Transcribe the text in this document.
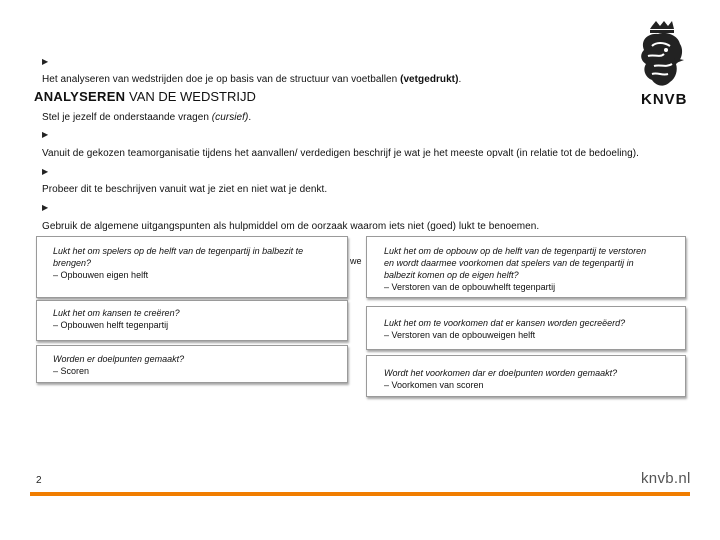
▶
▶
▶
▶
Het analyseren van wedstrijden doe je op basis van de structuur van voetballen (vetgedrukt).
ANALYSEREN VAN DE WEDSTRIJD
Stel je jezelf de onderstaande vragen (cursief).
Vanuit de gekozen teamorganisatie tijdens het aanvallen/ verdedigen beschrijf je wat je het meeste opvalt (in relatie tot de bedoeling).
Probeer dit te beschrijven vanuit wat je ziet en niet wat je denkt.
Gebruik de algemene uitgangspunten als hulpmiddel om de oorzaak waarom iets niet (goed) lukt te benoemen.
KNVB
Lukt het om spelers op de helft van de tegenpartij in balbezit te
brengen?
– Opbouwen eigen helft
Lukt het om kansen te creëren?
– Opbouwen helft tegenpartij
Worden er doelpunten gemaakt?
– Scoren
we
Lukt het om de opbouw op de helft van de tegenpartij te verstoren
en wordt daarmee voorkomen dat spelers van de tegenpartij in
balbezit komen op de eigen helft?
– Verstoren van de opbouwhelft tegenpartij
Lukt het om te voorkomen dat er kansen worden gecreëerd?
– Verstoren van de opbouweigen helft
Wordt het voorkomen dar er doelpunten worden gemaakt?
– Voorkomen van scoren
2	knvb.nl
